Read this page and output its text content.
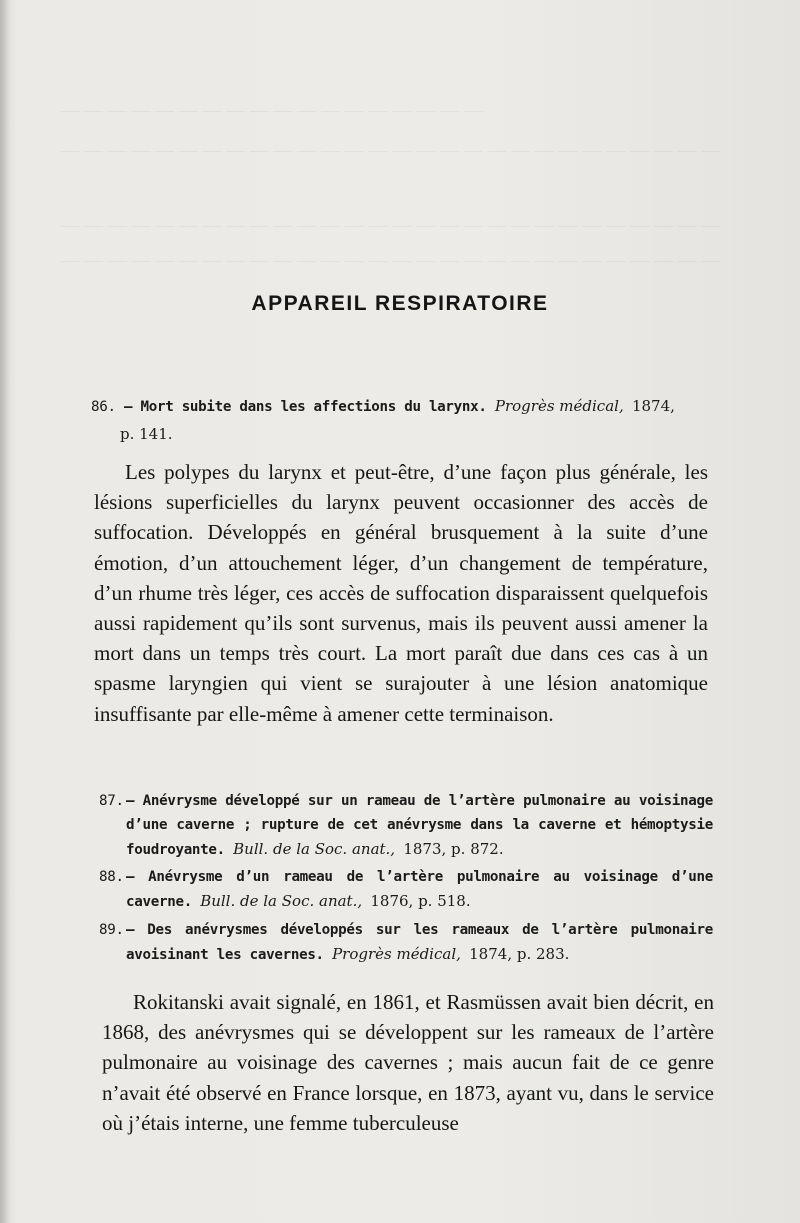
APPAREIL RESPIRATOIRE
86. — Mort subite dans les affections du larynx. Progrès médical, 1874,
p. 141.

Les polypes du larynx et peut-être, d’une façon plus générale, les lésions superficielles du larynx peuvent occasionner des accès de suffocation. Développés en général brusquement à la suite d’une émotion, d’un attouchement léger, d’un changement de température, d’un rhume très léger, ces accès de suffocation disparaissent quelquefois aussi rapidement qu’ils sont survenus, mais ils peuvent aussi amener la mort dans un temps très court. La mort paraît due dans ces cas à un spasme laryngien qui vient se surajouter à une lésion anatomique insuffisante par elle-même à amener cette terminaison.

87. — Anévrysme développé sur un rameau de l’artère pulmonaire au voisinage d’une caverne ; rupture de cet anévrysme dans la caverne et hémoptysie foudroyante. Bull. de la Soc. anat., 1873, p. 872.
88. — Anévrysme d’un rameau de l’artère pulmonaire au voisinage d’une caverne. Bull. de la Soc. anat., 1876, p. 518.
89. — Des anévrysmes développés sur les rameaux de l’artère pulmonaire avoisinant les cavernes. Progrès médical, 1874, p. 283.

Rokitanski avait signalé, en 1861, et Rasmüssen avait bien décrit, en 1868, des anévrysmes qui se développent sur les rameaux de l’artère pulmonaire au voisinage des cavernes ; mais aucun fait de ce genre n’avait été observé en France lorsque, en 1873, ayant vu, dans le service où j’étais interne, une femme tuberculeuse
